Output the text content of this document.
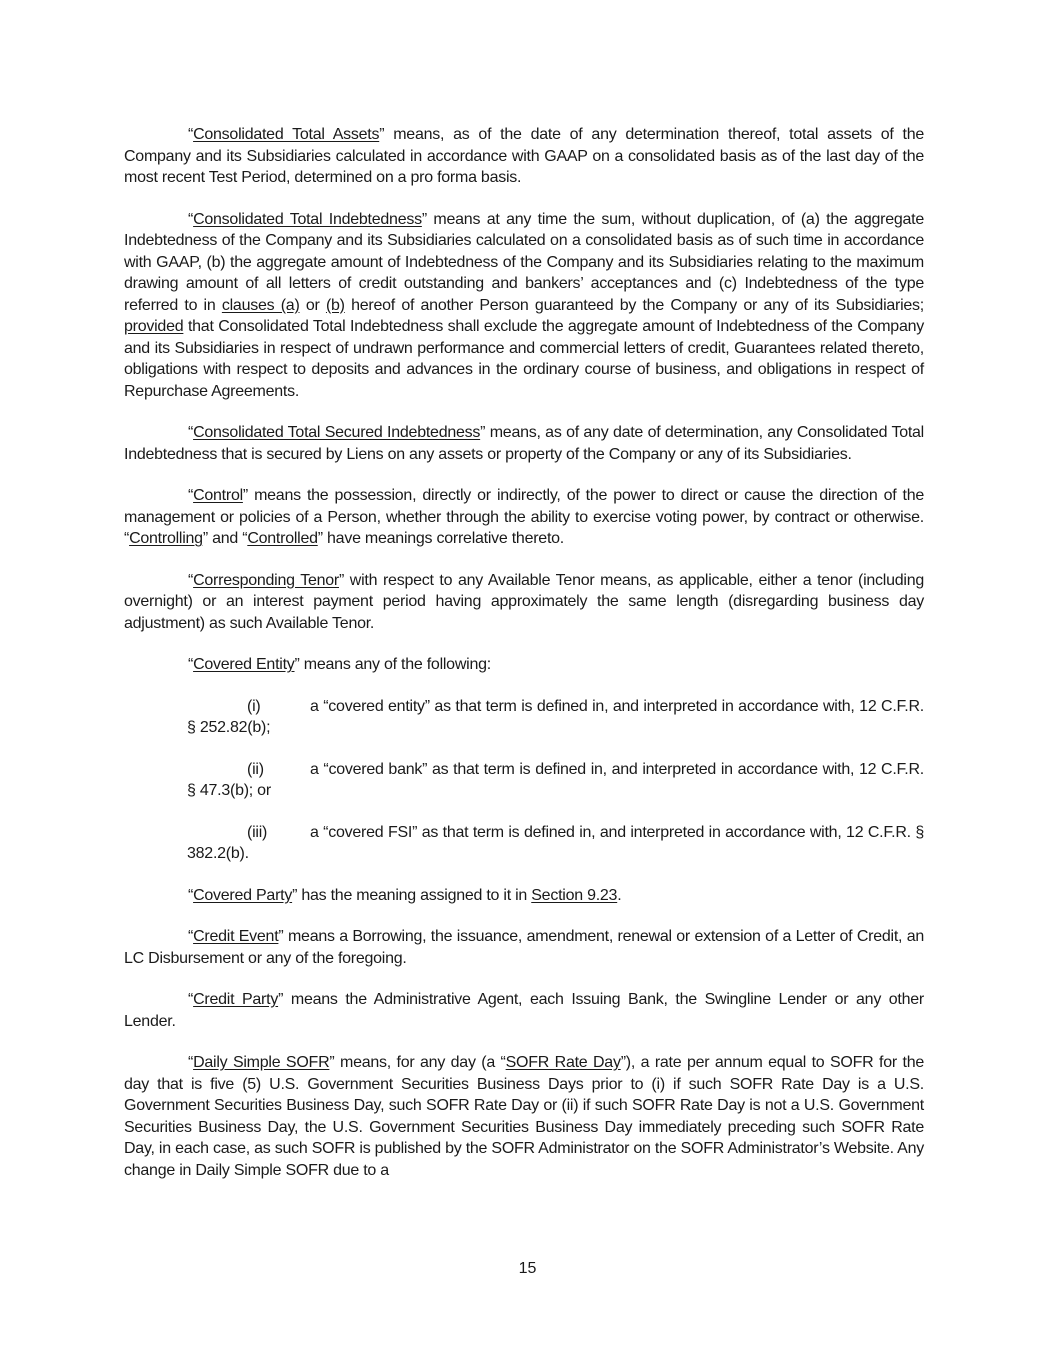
“Consolidated Total Assets” means, as of the date of any determination thereof, total assets of the Company and its Subsidiaries calculated in accordance with GAAP on a consolidated basis as of the last day of the most recent Test Period, determined on a pro forma basis.

“Consolidated Total Indebtedness” means at any time the sum, without duplication, of (a) the aggregate Indebtedness of the Company and its Subsidiaries calculated on a consolidated basis as of such time in accordance with GAAP, (b) the aggregate amount of Indebtedness of the Company and its Subsidiaries relating to the maximum drawing amount of all letters of credit outstanding and bankers’ acceptances and (c) Indebtedness of the type referred to in clauses (a) or (b) hereof of another Person guaranteed by the Company or any of its Subsidiaries; provided that Consolidated Total Indebtedness shall exclude the aggregate amount of Indebtedness of the Company and its Subsidiaries in respect of undrawn performance and commercial letters of credit, Guarantees related thereto, obligations with respect to deposits and advances in the ordinary course of business, and obligations in respect of Repurchase Agreements.

“Consolidated Total Secured Indebtedness” means, as of any date of determination, any Consolidated Total Indebtedness that is secured by Liens on any assets or property of the Company or any of its Subsidiaries.

“Control” means the possession, directly or indirectly, of the power to direct or cause the direction of the management or policies of a Person, whether through the ability to exercise voting power, by contract or otherwise. “Controlling” and “Controlled” have meanings correlative thereto.

“Corresponding Tenor” with respect to any Available Tenor means, as applicable, either a tenor (including overnight) or an interest payment period having approximately the same length (disregarding business day adjustment) as such Available Tenor.

“Covered Entity” means any of the following:

(i)	a “covered entity” as that term is defined in, and interpreted in accordance with, 12 C.F.R. § 252.82(b);

(ii)	a “covered bank” as that term is defined in, and interpreted in accordance with, 12 C.F.R. § 47.3(b); or

(iii)	a “covered FSI” as that term is defined in, and interpreted in accordance with, 12 C.F.R. § 382.2(b).

“Covered Party” has the meaning assigned to it in Section 9.23.

“Credit Event” means a Borrowing, the issuance, amendment, renewal or extension of a Letter of Credit, an LC Disbursement or any of the foregoing.

“Credit Party” means the Administrative Agent, each Issuing Bank, the Swingline Lender or any other Lender.

“Daily Simple SOFR” means, for any day (a “SOFR Rate Day”), a rate per annum equal to SOFR for the day that is five (5) U.S. Government Securities Business Days prior to (i) if such SOFR Rate Day is a U.S. Government Securities Business Day, such SOFR Rate Day or (ii) if such SOFR Rate Day is not a U.S. Government Securities Business Day, the U.S. Government Securities Business Day immediately preceding such SOFR Rate Day, in each case, as such SOFR is published by the SOFR Administrator on the SOFR Administrator’s Website. Any change in Daily Simple SOFR due to a

15
